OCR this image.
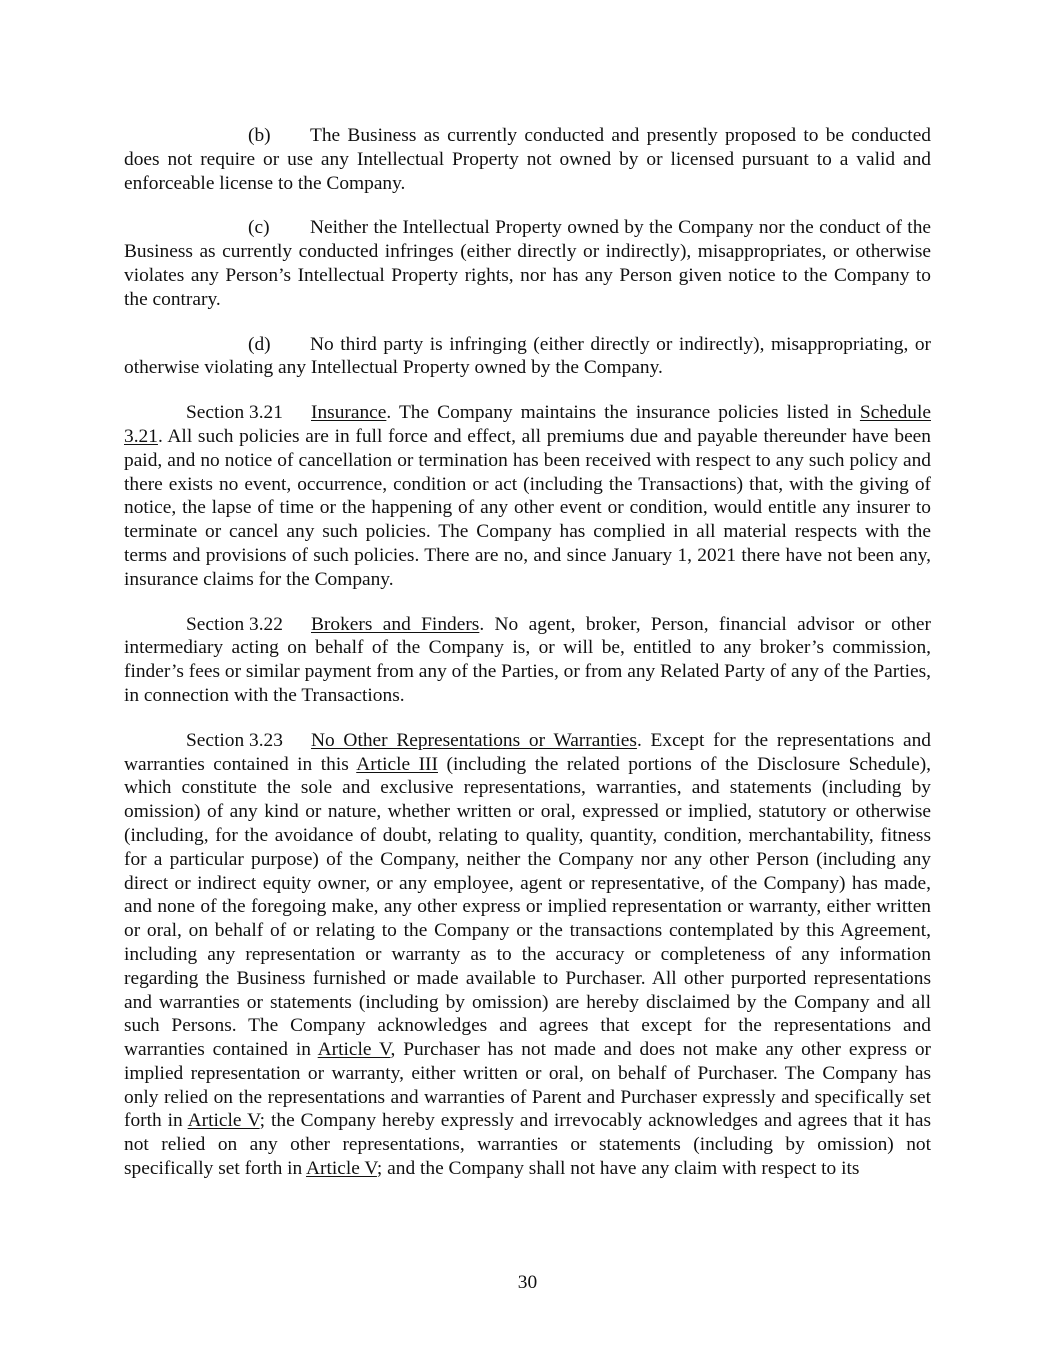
(b) The Business as currently conducted and presently proposed to be conducted does not require or use any Intellectual Property not owned by or licensed pursuant to a valid and enforceable license to the Company.

(c) Neither the Intellectual Property owned by the Company nor the conduct of the Business as currently conducted infringes (either directly or indirectly), misappropriates, or otherwise violates any Person’s Intellectual Property rights, nor has any Person given notice to the Company to the contrary.

(d) No third party is infringing (either directly or indirectly), misappropriating, or otherwise violating any Intellectual Property owned by the Company.

Section 3.21 Insurance. The Company maintains the insurance policies listed in Schedule 3.21. All such policies are in full force and effect, all premiums due and payable thereunder have been paid, and no notice of cancellation or termination has been received with respect to any such policy and there exists no event, occurrence, condition or act (including the Transactions) that, with the giving of notice, the lapse of time or the happening of any other event or condition, would entitle any insurer to terminate or cancel any such policies. The Company has complied in all material respects with the terms and provisions of such policies. There are no, and since January 1, 2021 there have not been any, insurance claims for the Company.

Section 3.22 Brokers and Finders. No agent, broker, Person, financial advisor or other intermediary acting on behalf of the Company is, or will be, entitled to any broker’s commission, finder’s fees or similar payment from any of the Parties, or from any Related Party of any of the Parties, in connection with the Transactions.

Section 3.23 No Other Representations or Warranties. Except for the representations and warranties contained in this Article III (including the related portions of the Disclosure Schedule), which constitute the sole and exclusive representations, warranties, and statements (including by omission) of any kind or nature, whether written or oral, expressed or implied, statutory or otherwise (including, for the avoidance of doubt, relating to quality, quantity, condition, merchantability, fitness for a particular purpose) of the Company, neither the Company nor any other Person (including any direct or indirect equity owner, or any employee, agent or representative, of the Company) has made, and none of the foregoing make, any other express or implied representation or warranty, either written or oral, on behalf of or relating to the Company or the transactions contemplated by this Agreement, including any representation or warranty as to the accuracy or completeness of any information regarding the Business furnished or made available to Purchaser. All other purported representations and warranties or statements (including by omission) are hereby disclaimed by the Company and all such Persons. The Company acknowledges and agrees that except for the representations and warranties contained in Article V, Purchaser has not made and does not make any other express or implied representation or warranty, either written or oral, on behalf of Purchaser. The Company has only relied on the representations and warranties of Parent and Purchaser expressly and specifically set forth in Article V; the Company hereby expressly and irrevocably acknowledges and agrees that it has not relied on any other representations, warranties or statements (including by omission) not specifically set forth in Article V; and the Company shall not have any claim with respect to its

30
